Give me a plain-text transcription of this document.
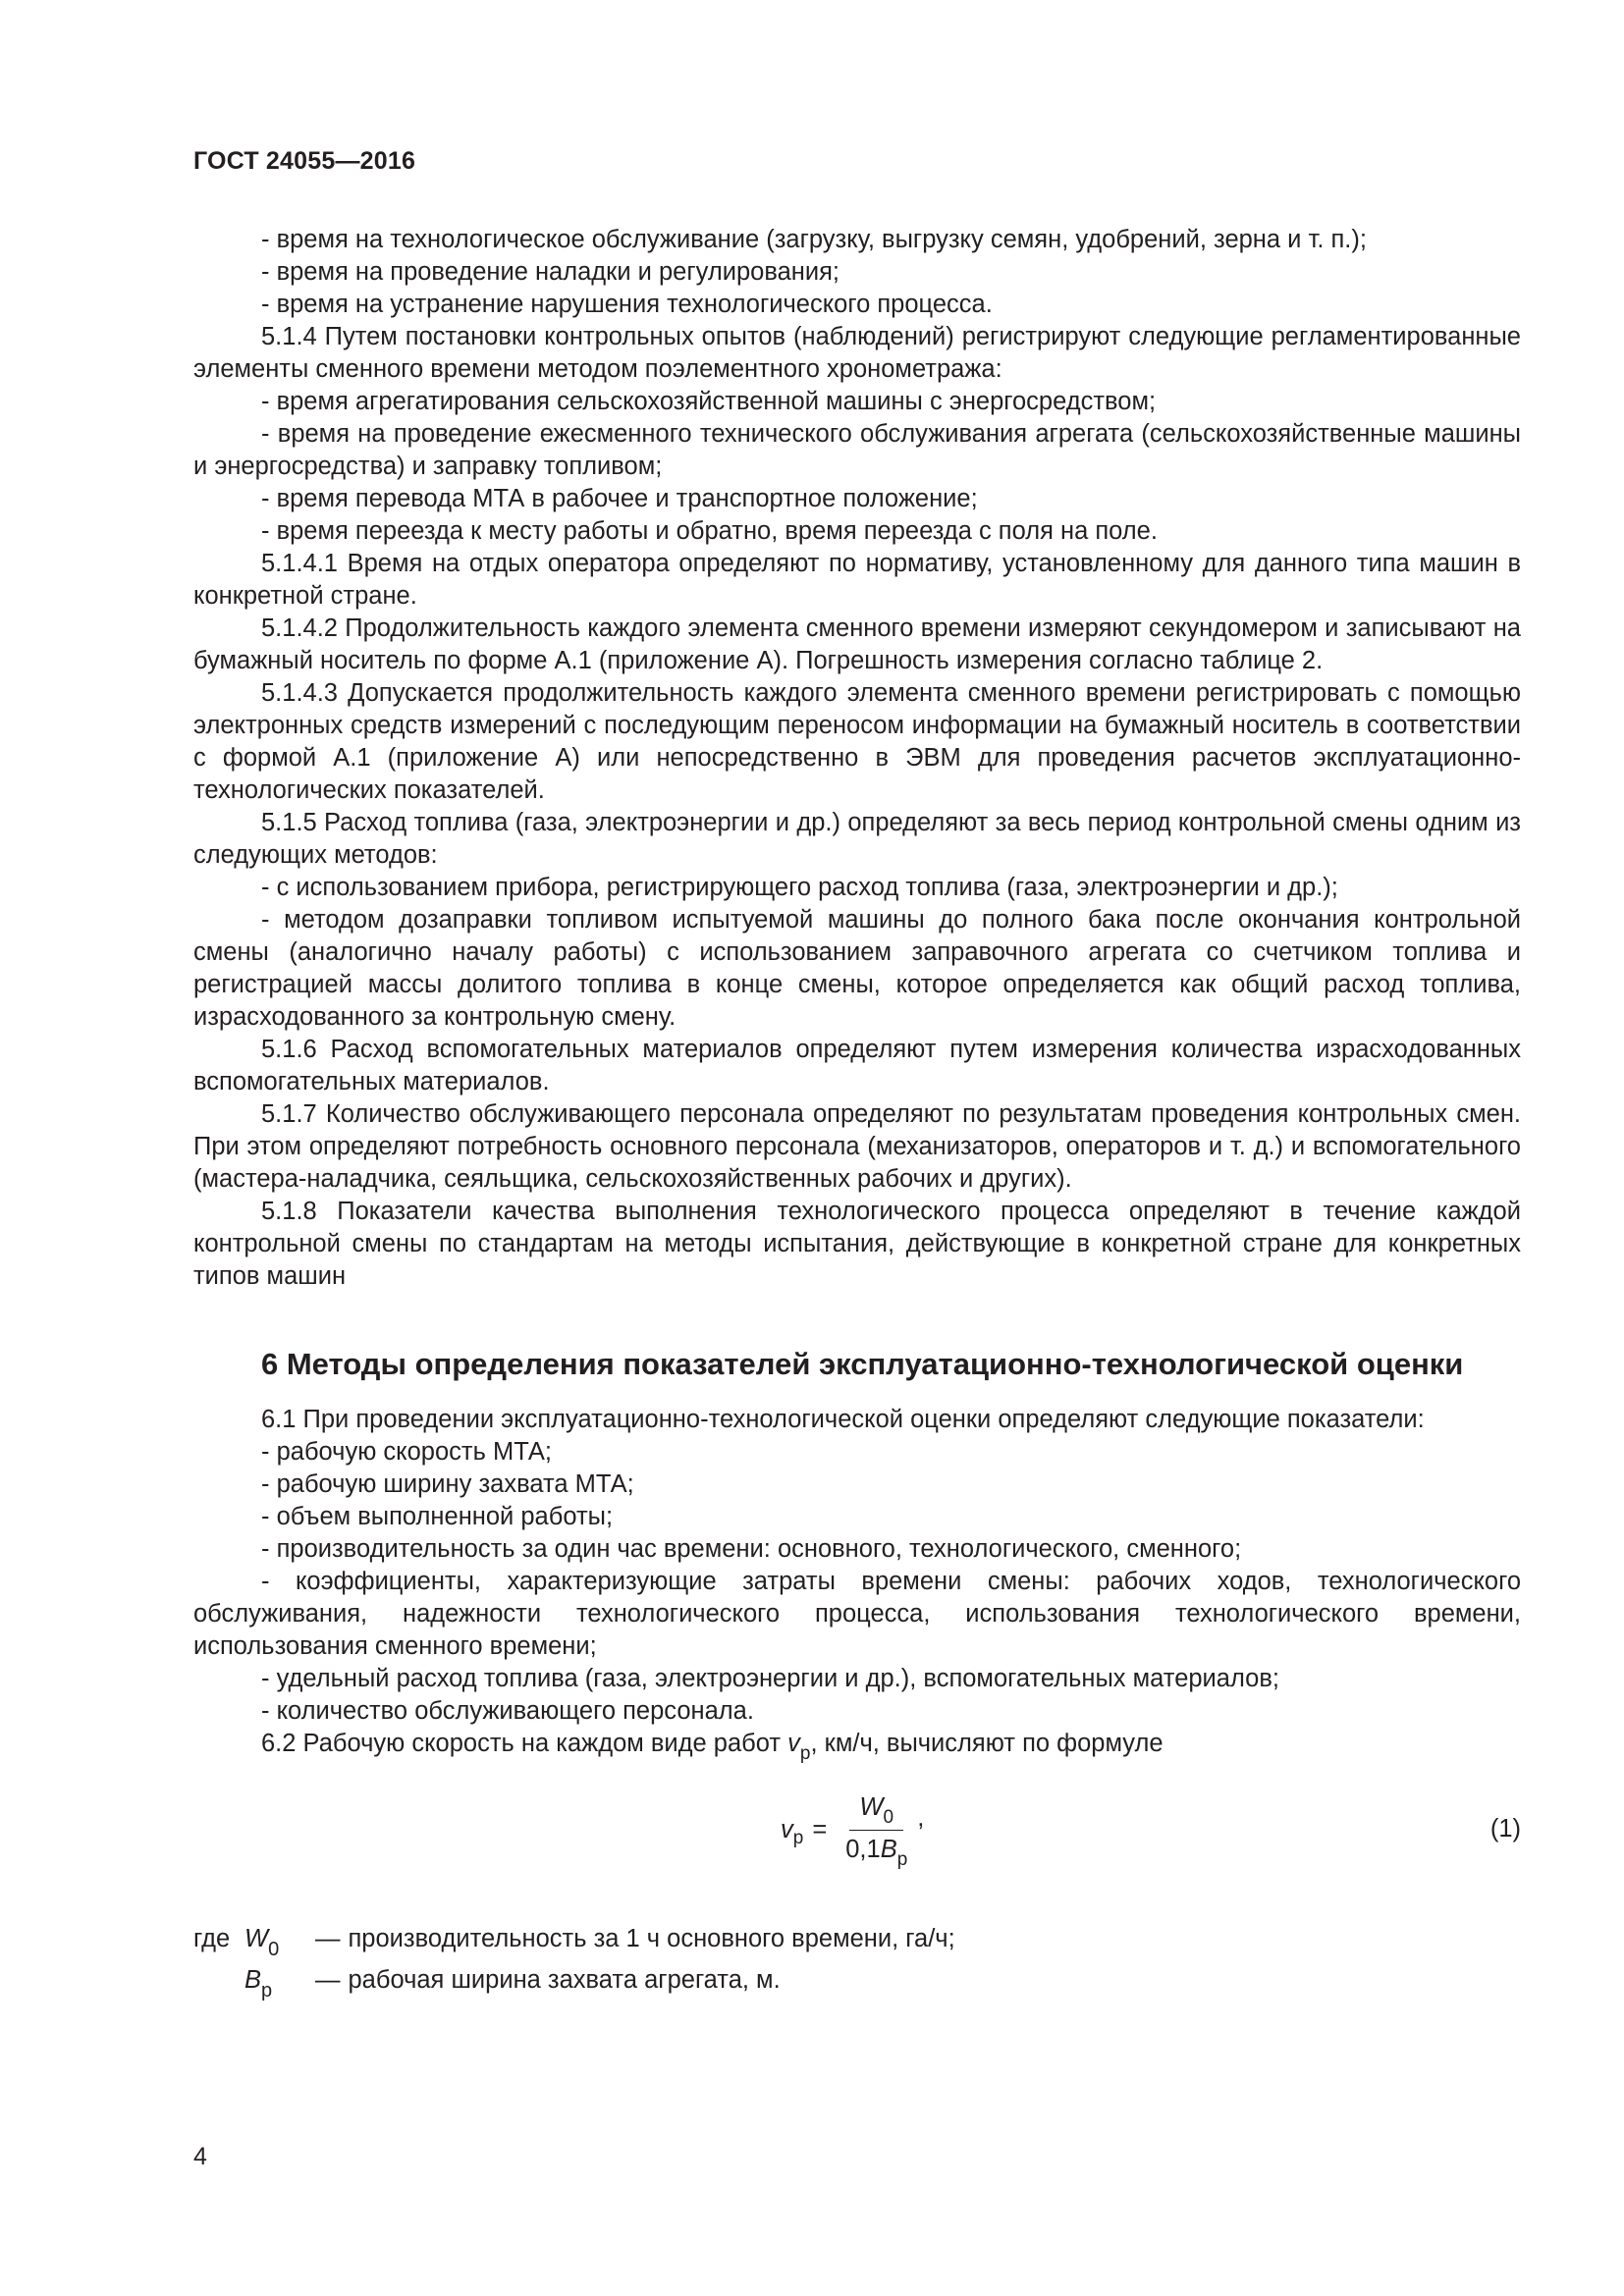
ГОСТ 24055—2016

- время на технологическое обслуживание (загрузку, выгрузку семян, удобрений, зерна и т. п.);

- время на проведение наладки и регулирования;

- время на устранение нарушения технологического процесса.

5.1.4 Путем постановки контрольных опытов (наблюдений) регистрируют следующие регламентированные элементы сменного времени методом поэлементного хронометража:

- время агрегатирования сельскохозяйственной машины с энергосредством;

- время на проведение ежесменного технического обслуживания агрегата (сельскохозяйственные машины и энергосредства) и заправку топливом;

- время перевода МТА в рабочее и транспортное положение;

- время переезда к месту работы и обратно, время переезда с поля на поле.

5.1.4.1 Время на отдых оператора определяют по нормативу, установленному для данного типа машин в конкретной стране.

5.1.4.2 Продолжительность каждого элемента сменного времени измеряют секундомером и записывают на бумажный носитель по форме А.1 (приложение А). Погрешность измерения согласно таблице 2.

5.1.4.3 Допускается продолжительность каждого элемента сменного времени регистрировать с помощью электронных средств измерений с последующим переносом информации на бумажный носитель в соответствии с формой А.1 (приложение А) или непосредственно в ЭВМ для проведения расчетов эксплуатационно-технологических показателей.

5.1.5 Расход топлива (газа, электроэнергии и др.) определяют за весь период контрольной смены одним из следующих методов:

- с использованием прибора, регистрирующего расход топлива (газа, электроэнергии и др.);

- методом дозаправки топливом испытуемой машины до полного бака после окончания контрольной смены (аналогично началу работы) с использованием заправочного агрегата со счетчиком топлива и регистрацией массы долитого топлива в конце смены, которое определяется как общий расход топлива, израсходованного за контрольную смену.

5.1.6 Расход вспомогательных материалов определяют путем измерения количества израсходованных вспомогательных материалов.

5.1.7 Количество обслуживающего персонала определяют по результатам проведения контрольных смен. При этом определяют потребность основного персонала (механизаторов, операторов и т. д.) и вспомогательного (мастера-наладчика, сеяльщика, сельскохозяйственных рабочих и других).

5.1.8 Показатели качества выполнения технологического процесса определяют в течение каждой контрольной смены по стандартам на методы испытания, действующие в конкретной стране для конкретных типов машин

6 Методы определения показателей эксплуатационно-технологической оценки

6.1 При проведении эксплуатационно-технологической оценки определяют следующие показатели:

- рабочую скорость МТА;

- рабочую ширину захвата МТА;

- объем выполненной работы;

- производительность за один час времени: основного, технологического, сменного;

- коэффициенты, характеризующие затраты времени смены: рабочих ходов, технологического обслуживания, надежности технологического процесса, использования технологического времени, использования сменного времени;

- удельный расход топлива (газа, электроэнергии и др.), вспомогательных материалов;

- количество обслуживающего персонала.

6.2 Рабочую скорость на каждом виде работ $v_р$, км/ч, вычисляют по формуле

v $р = \frac{W_0}{0,1B_р}$ ,	(1)
где $W_0$	— производительность за 1 ч основного времени, га/ч;
$B_р$	— рабочая ширина захвата агрегата, м.
4
